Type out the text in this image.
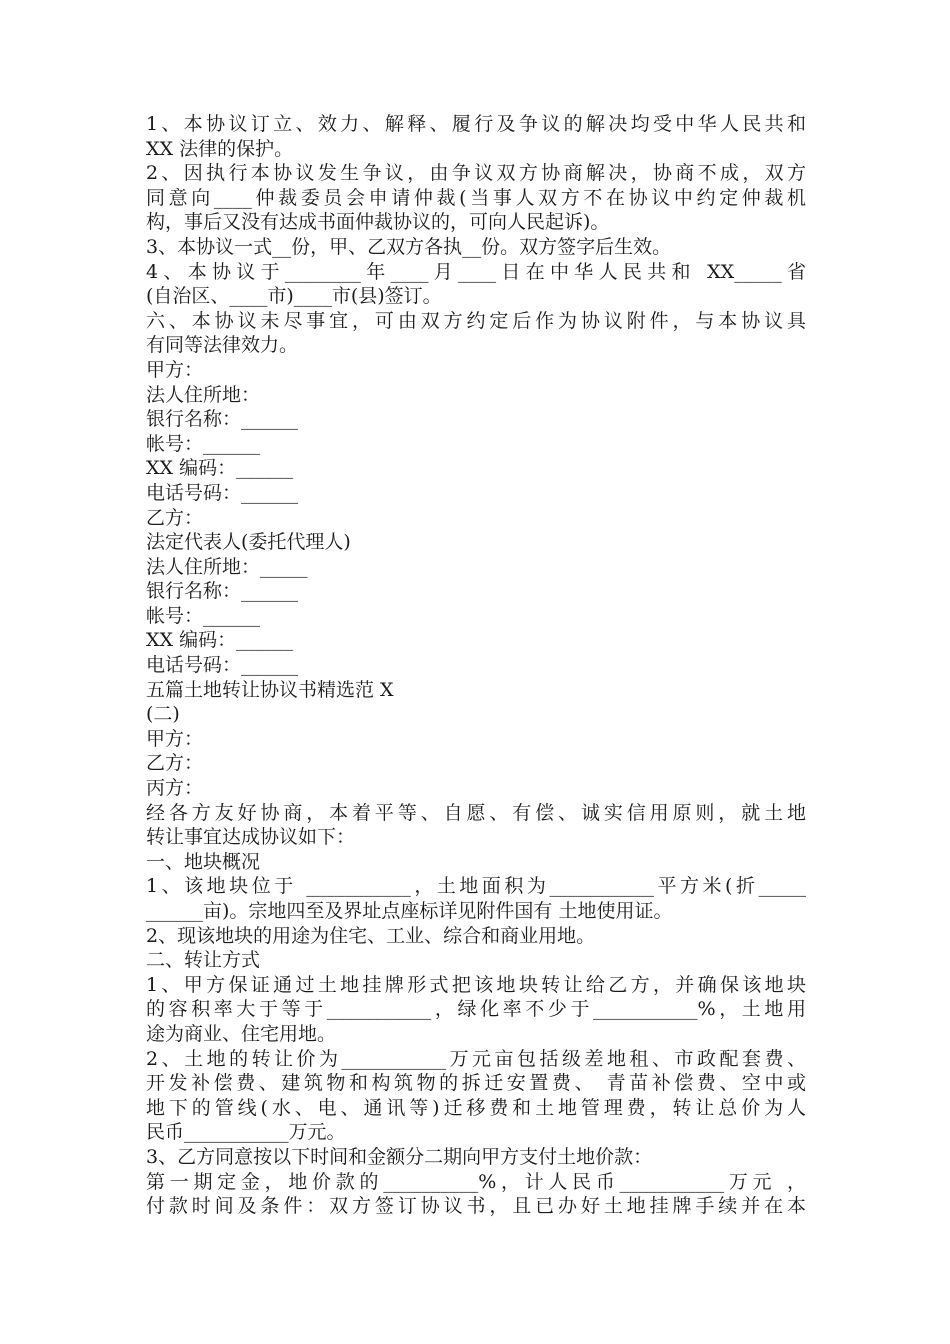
1、本协议订立、效力、解释、履行及争议的解决均受中华人民共和
XX 法律的保护。
2、因执行本协议发生争议，由争议双方协商解决，协商不成，双方
同意向____仲裁委员会申请仲裁(当事人双方不在协议中约定仲裁机
构，事后又没有达成书面仲裁协议的，可向人民起诉)。
3、本协议一式__份，甲、乙双方各执__份。双方签字后生效。
4、本协议于________年____月____日在中华人民共和 XX_____省
(自治区、____市)____市(县)签订。
六、本协议未尽事宜，可由双方约定后作为协议附件，与本协议具
有同等法律效力。
甲方：
法人住所地：
银行名称：______
帐号：______
XX 编码：______
电话号码：______
乙方：
法定代表人(委托代理人)
法人住所地：_____
银行名称：______
帐号：______
XX 编码：______
电话号码：______
五篇土地转让协议书精选范 X
(二)
甲方：
乙方：
丙方：
经各方友好协商，本着平等、自愿、有偿、诚实信用原则，就土地
转让事宜达成协议如下：
一、地块概况
1、该地块位于 ___________，土地面积为___________平方米(折_____
______亩)。宗地四至及界址点座标详见附件国有 土地使用证。
2、现该地块的用途为住宅、工业、综合和商业用地。
二、转让方式
1、甲方保证通过土地挂牌形式把该地块转让给乙方，并确保该地块
的容积率大于等于___________，绿化率不少于___________%，土地用
途为商业、住宅用地。
2、土地的转让价为___________万元亩包括级差地租、市政配套费、
开发补偿费、建筑物和构筑物的拆迁安置费、 青苗补偿费、空中或
地下的管线(水、电、通讯等)迁移费和土地管理费，转让总价为人
民币___________万元。
3、乙方同意按以下时间和金额分二期向甲方支付土地价款：
第一期定金，地价款的__________%，计人民币___________万元 ，
付款时间及条件：双方签订协议书，且已办好土地挂牌手续并在本
